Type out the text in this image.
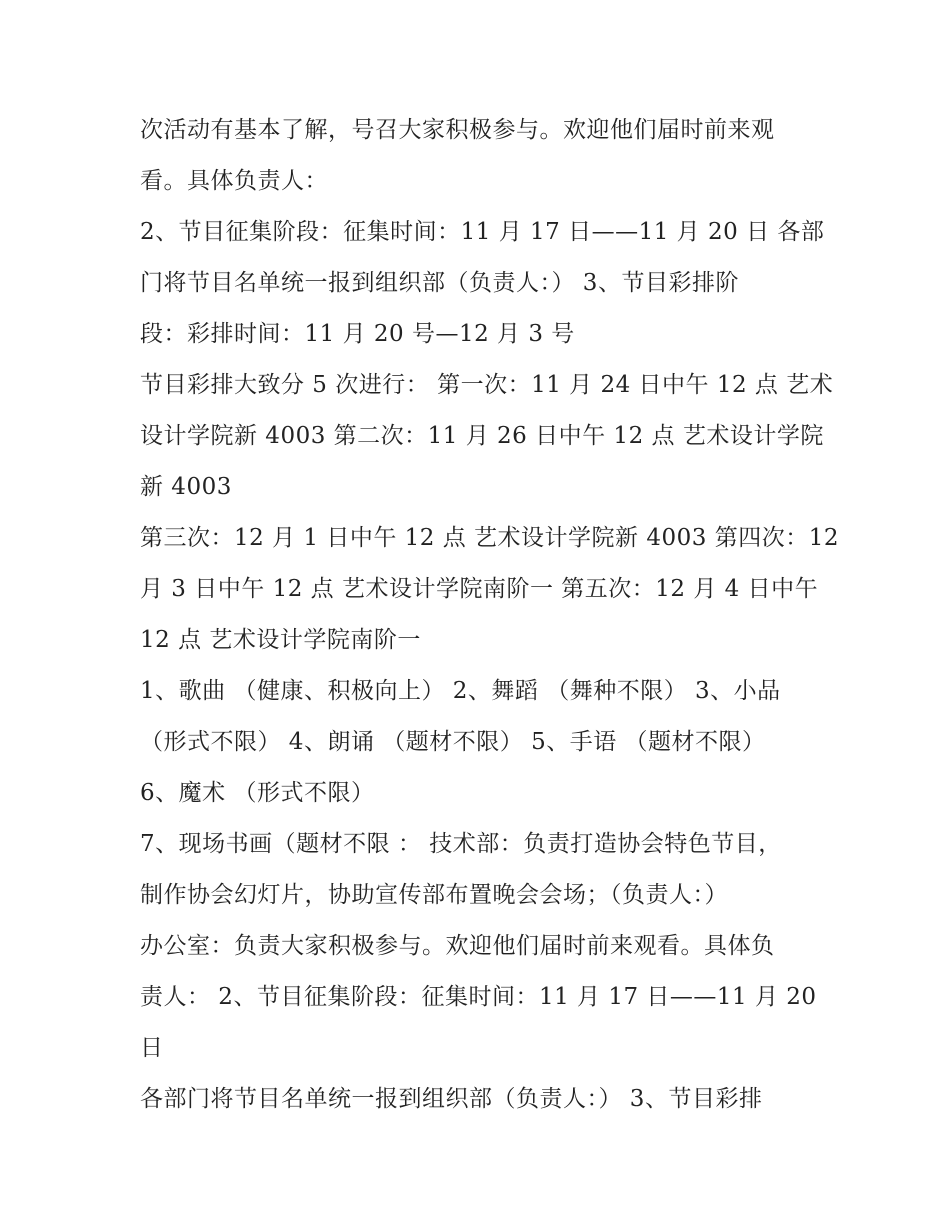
次活动有基本了解，号召大家积极参与。欢迎他们届时前来观
看。具体负责人：
2、节目征集阶段：征集时间：11 月 17 日——11 月 20 日 各部
门将节目名单统一报到组织部（负责人：） 3、节目彩排阶
段：彩排时间：11 月 20 号—12 月 3 号
节目彩排大致分 5 次进行： 第一次：11 月 24 日中午 12 点 艺术
设计学院新 4003 第二次：11 月 26 日中午 12 点 艺术设计学院
新 4003
第三次：12 月 1 日中午 12 点 艺术设计学院新 4003 第四次：12
月 3 日中午 12 点 艺术设计学院南阶一 第五次：12 月 4 日中午
12 点 艺术设计学院南阶一
1、歌曲 （健康、积极向上） 2、舞蹈 （舞种不限） 3、小品
（形式不限） 4、朗诵 （题材不限） 5、手语 （题材不限）
6、魔术 （形式不限）
7、现场书画（题材不限 ： 技术部：负责打造协会特色节目，
制作协会幻灯片，协助宣传部布置晚会会场；（负责人：）
办公室：负责大家积极参与。欢迎他们届时前来观看。具体负
责人： 2、节目征集阶段：征集时间：11 月 17 日——11 月 20
日
各部门将节目名单统一报到组织部（负责人：） 3、节目彩排
